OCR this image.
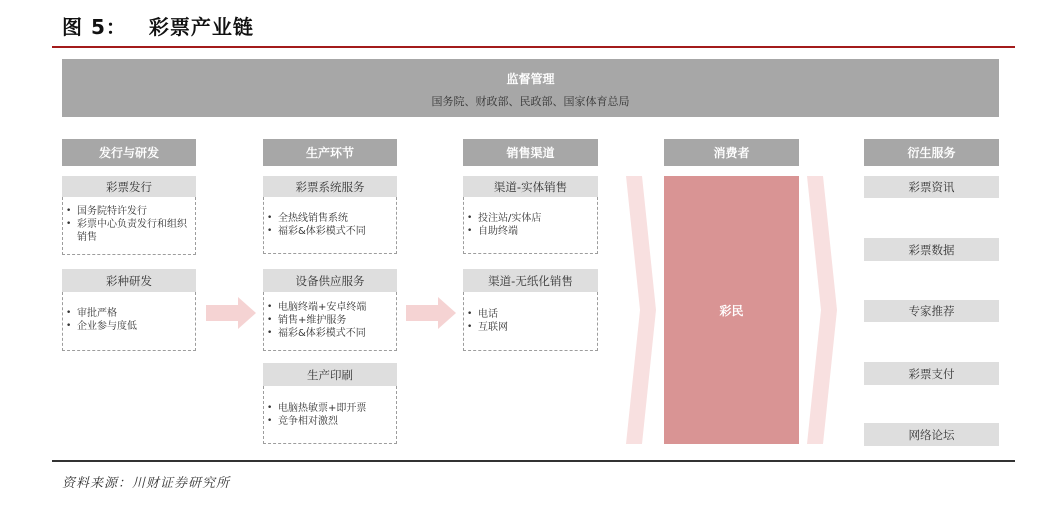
图 5： 彩票产业链
监督管理
国务院、财政部、民政部、国家体育总局
发行与研发
彩票发行
• 国务院特许发行
• 彩票中心负责发行和组织销售
彩种研发
• 审批严格
• 企业参与度低
生产环节
彩票系统服务
• 全热线销售系统
• 福彩&体彩模式不同
设备供应服务
• 电脑终端+安卓终端
• 销售+维护服务
• 福彩&体彩模式不同
生产印刷
• 电脑热敏票+即开票
• 竞争相对激烈
销售渠道
渠道-实体销售
• 投注站/实体店
• 自助终端
渠道-无纸化销售
• 电话
• 互联网
消费者
彩民
衍生服务
彩票资讯
彩票数据
专家推荐
彩票支付
网络论坛
资料来源：川财证券研究所
